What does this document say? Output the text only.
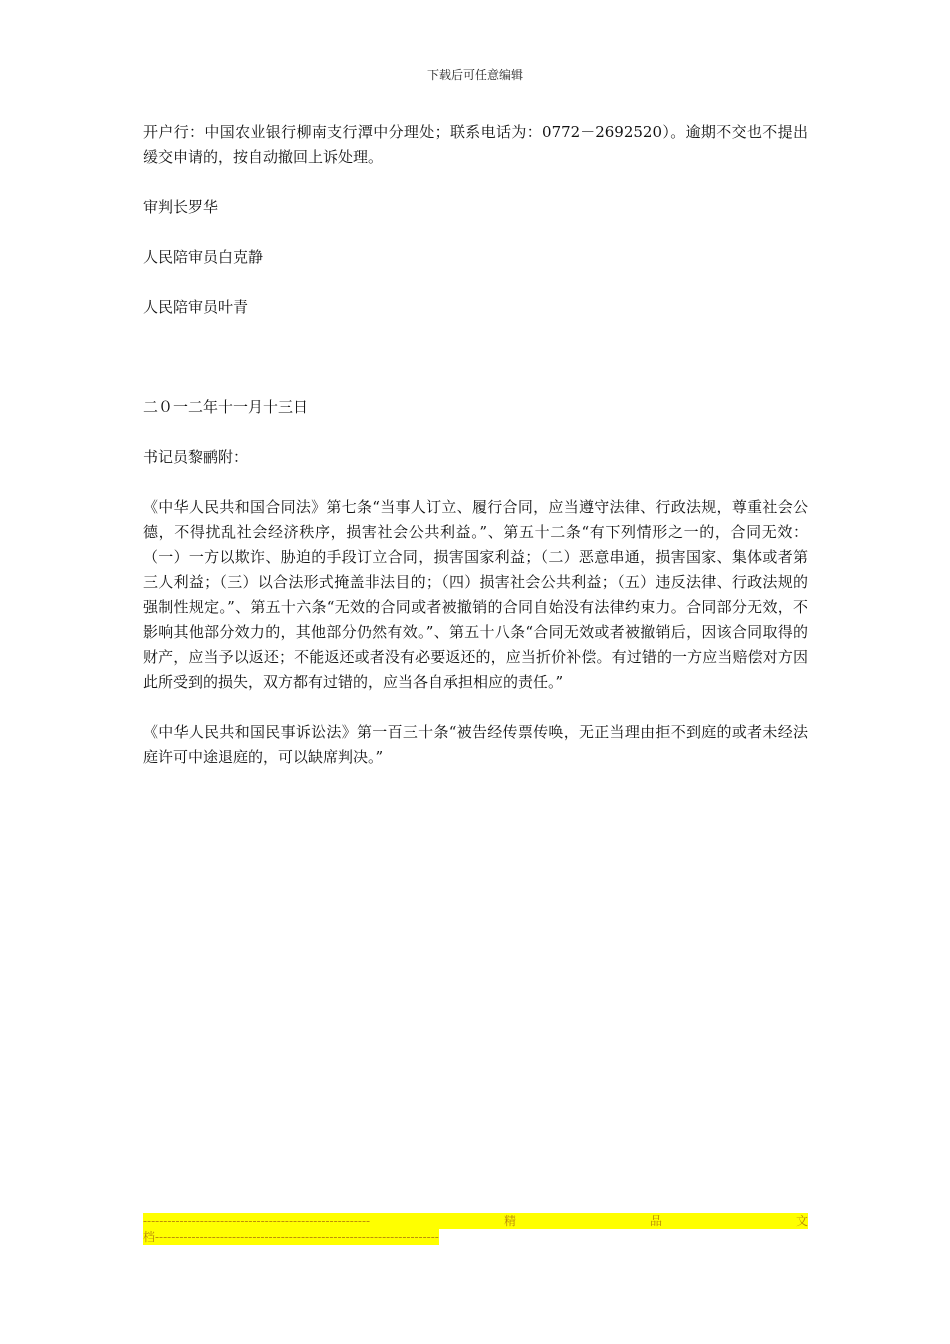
下载后可任意编辑

开户行：中国农业银行柳南支行潭中分理处；联系电话为：0772－2692520）。逾期不交也不提出缓交申请的，按自动撤回上诉处理。

审判长罗华

人民陪审员白克静

人民陪审员叶青

二０一二年十一月十三日

书记员黎鹂附：

《中华人民共和国合同法》第七条“当事人订立、履行合同，应当遵守法律、行政法规，尊重社会公德，不得扰乱社会经济秩序，损害社会公共利益。”、第五十二条“有下列情形之一的，合同无效：（一）一方以欺诈、胁迫的手段订立合同，损害国家利益；（二）恶意串通，损害国家、集体或者第三人利益；（三）以合法形式掩盖非法目的；（四）损害社会公共利益；（五）违反法律、行政法规的强制性规定。”、第五十六条“无效的合同或者被撤销的合同自始没有法律约束力。合同部分无效，不影响其他部分效力的，其他部分仍然有效。”、第五十八条“合同无效或者被撤销后，因该合同取得的财产，应当予以返还；不能返还或者没有必要返还的，应当折价补偿。有过错的一方应当赔偿对方因此所受到的损失，双方都有过错的，应当各自承担相应的责任。”

《中华人民共和国民事诉讼法》第一百三十条“被告经传票传唤，无正当理由拒不到庭的或者未经法庭许可中途退庭的，可以缺席判决。”

--------------------------------------------------------	精	品	文
档----------------------------------------------------------------------
